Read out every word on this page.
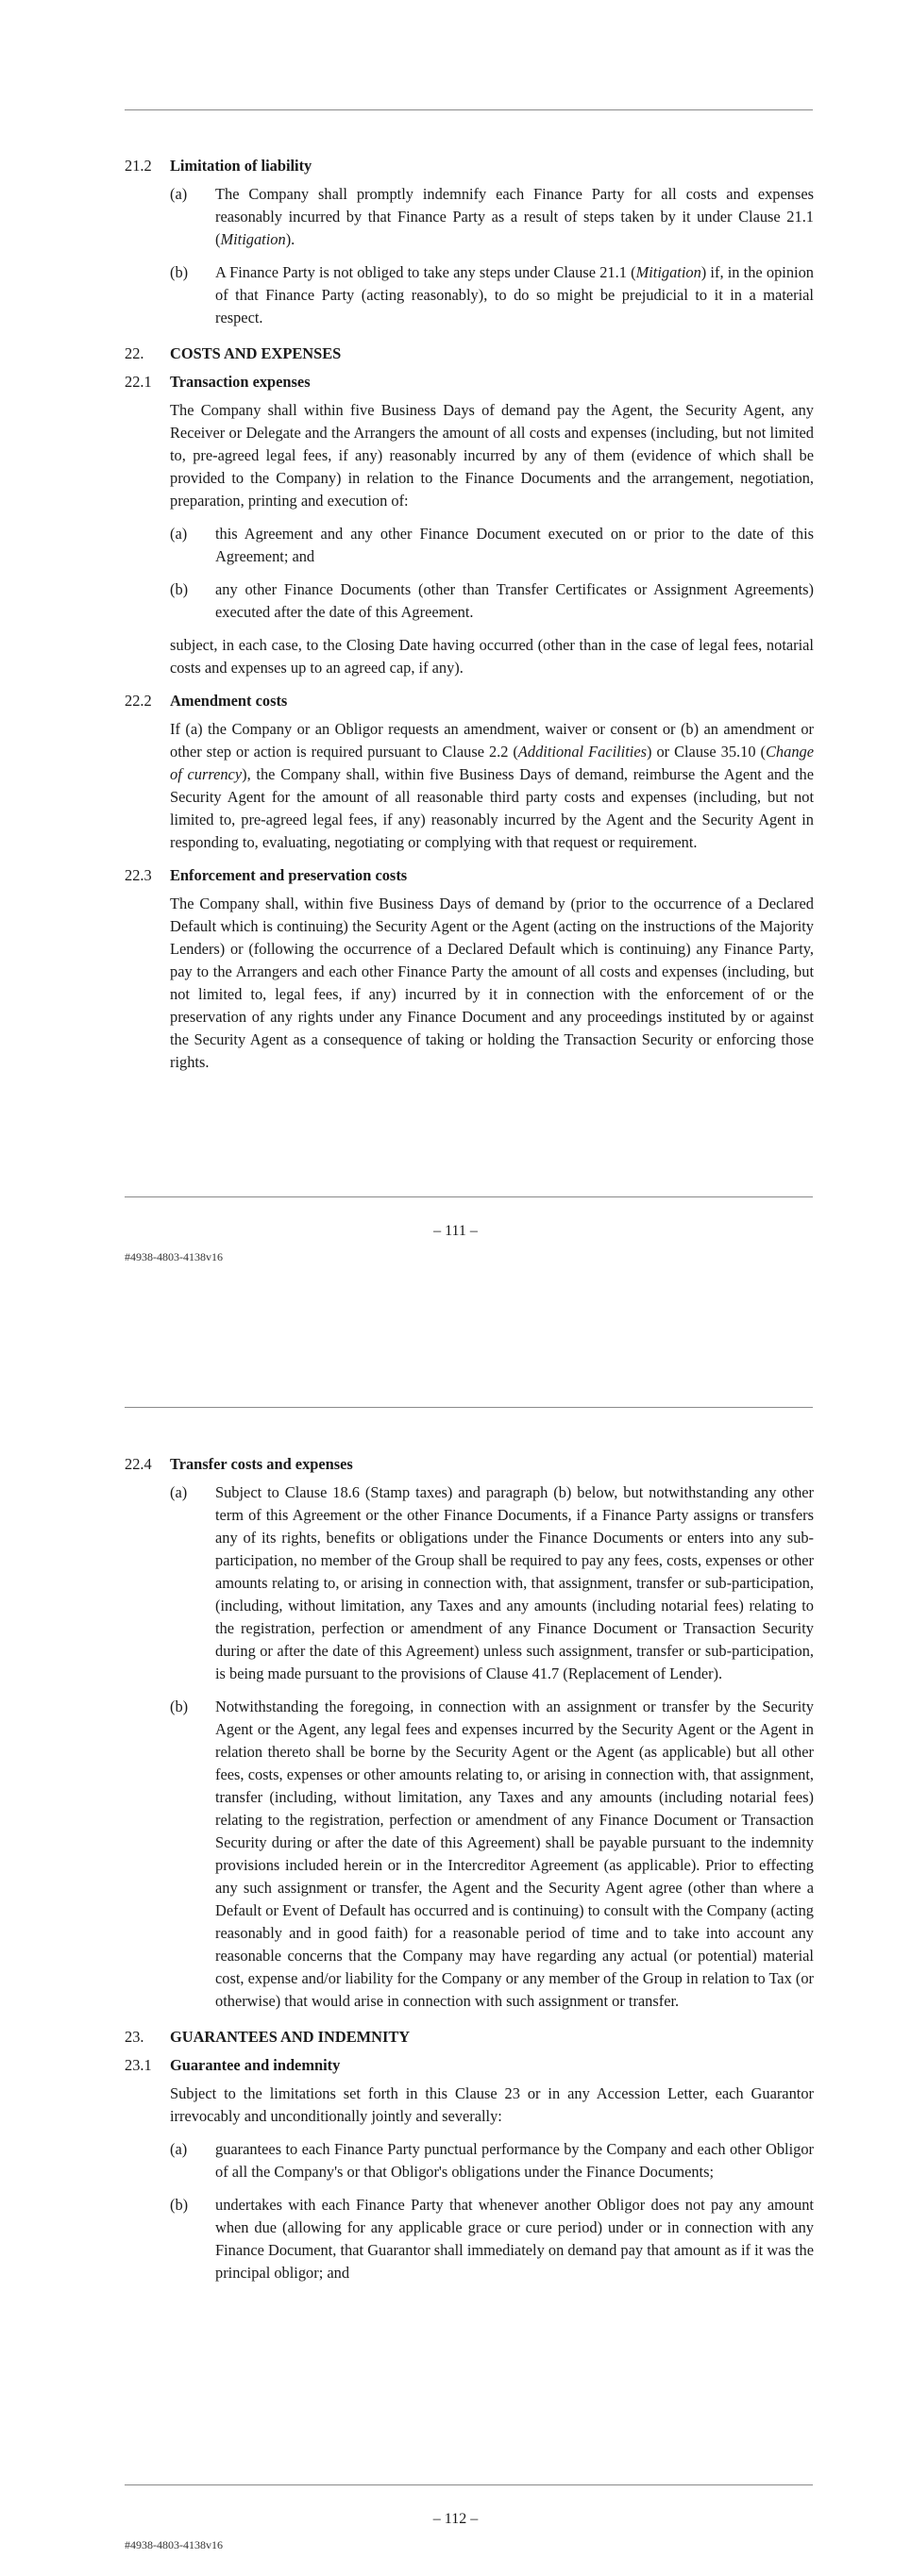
21.2 Limitation of liability
(a) The Company shall promptly indemnify each Finance Party for all costs and expenses reasonably incurred by that Finance Party as a result of steps taken by it under Clause 21.1 (Mitigation).
(b) A Finance Party is not obliged to take any steps under Clause 21.1 (Mitigation) if, in the opinion of that Finance Party (acting reasonably), to do so might be prejudicial to it in a material respect.
22. COSTS AND EXPENSES
22.1 Transaction expenses
The Company shall within five Business Days of demand pay the Agent, the Security Agent, any Receiver or Delegate and the Arrangers the amount of all costs and expenses (including, but not limited to, pre-agreed legal fees, if any) reasonably incurred by any of them (evidence of which shall be provided to the Company) in relation to the Finance Documents and the arrangement, negotiation, preparation, printing and execution of:
(a) this Agreement and any other Finance Document executed on or prior to the date of this Agreement; and
(b) any other Finance Documents (other than Transfer Certificates or Assignment Agreements) executed after the date of this Agreement.
subject, in each case, to the Closing Date having occurred (other than in the case of legal fees, notarial costs and expenses up to an agreed cap, if any).
22.2 Amendment costs
If (a) the Company or an Obligor requests an amendment, waiver or consent or (b) an amendment or other step or action is required pursuant to Clause 2.2 (Additional Facilities) or Clause 35.10 (Change of currency), the Company shall, within five Business Days of demand, reimburse the Agent and the Security Agent for the amount of all reasonable third party costs and expenses (including, but not limited to, pre-agreed legal fees, if any) reasonably incurred by the Agent and the Security Agent in responding to, evaluating, negotiating or complying with that request or requirement.
22.3 Enforcement and preservation costs
The Company shall, within five Business Days of demand by (prior to the occurrence of a Declared Default which is continuing) the Security Agent or the Agent (acting on the instructions of the Majority Lenders) or (following the occurrence of a Declared Default which is continuing) any Finance Party, pay to the Arrangers and each other Finance Party the amount of all costs and expenses (including, but not limited to, legal fees, if any) incurred by it in connection with the enforcement of or the preservation of any rights under any Finance Document and any proceedings instituted by or against the Security Agent as a consequence of taking or holding the Transaction Security or enforcing those rights.
– 111 –
#4938-4803-4138v16
22.4 Transfer costs and expenses
(a) Subject to Clause 18.6 (Stamp taxes) and paragraph (b) below, but notwithstanding any other term of this Agreement or the other Finance Documents, if a Finance Party assigns or transfers any of its rights, benefits or obligations under the Finance Documents or enters into any sub-participation, no member of the Group shall be required to pay any fees, costs, expenses or other amounts relating to, or arising in connection with, that assignment, transfer or sub-participation, (including, without limitation, any Taxes and any amounts (including notarial fees) relating to the registration, perfection or amendment of any Finance Document or Transaction Security during or after the date of this Agreement) unless such assignment, transfer or sub-participation, is being made pursuant to the provisions of Clause 41.7 (Replacement of Lender).
(b) Notwithstanding the foregoing, in connection with an assignment or transfer by the Security Agent or the Agent, any legal fees and expenses incurred by the Security Agent or the Agent in relation thereto shall be borne by the Security Agent or the Agent (as applicable) but all other fees, costs, expenses or other amounts relating to, or arising in connection with, that assignment, transfer (including, without limitation, any Taxes and any amounts (including notarial fees) relating to the registration, perfection or amendment of any Finance Document or Transaction Security during or after the date of this Agreement) shall be payable pursuant to the indemnity provisions included herein or in the Intercreditor Agreement (as applicable). Prior to effecting any such assignment or transfer, the Agent and the Security Agent agree (other than where a Default or Event of Default has occurred and is continuing) to consult with the Company (acting reasonably and in good faith) for a reasonable period of time and to take into account any reasonable concerns that the Company may have regarding any actual (or potential) material cost, expense and/or liability for the Company or any member of the Group in relation to Tax (or otherwise) that would arise in connection with such assignment or transfer.
23. GUARANTEES AND INDEMNITY
23.1 Guarantee and indemnity
Subject to the limitations set forth in this Clause 23 or in any Accession Letter, each Guarantor irrevocably and unconditionally jointly and severally:
(a) guarantees to each Finance Party punctual performance by the Company and each other Obligor of all the Company's or that Obligor's obligations under the Finance Documents;
(b) undertakes with each Finance Party that whenever another Obligor does not pay any amount when due (allowing for any applicable grace or cure period) under or in connection with any Finance Document, that Guarantor shall immediately on demand pay that amount as if it was the principal obligor; and
– 112 –
#4938-4803-4138v16
